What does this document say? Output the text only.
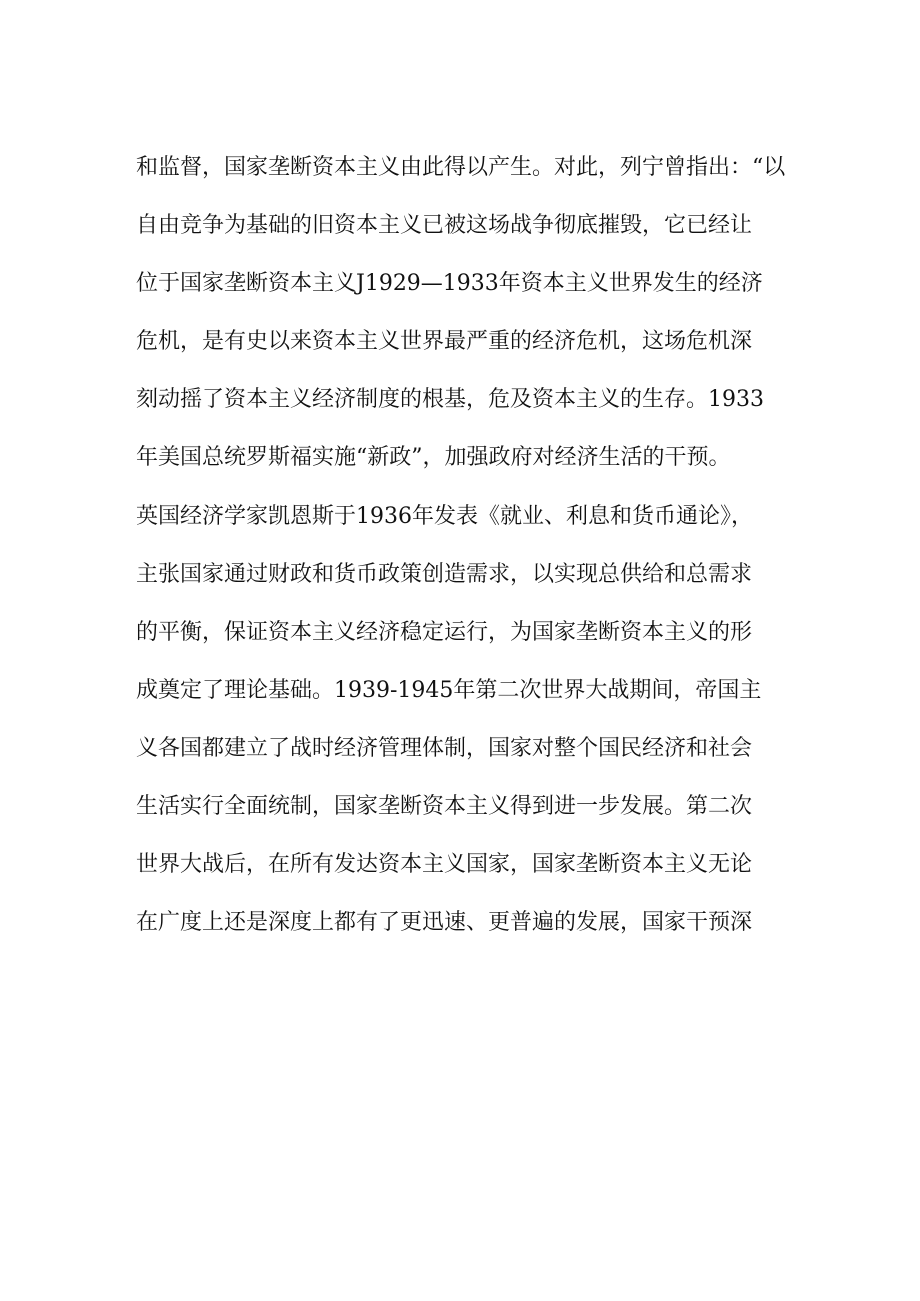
和监督，国家垄断资本主义由此得以产生。对此，列宁曾指出：“以
自由竞争为基础的旧资本主义已被这场战争彻底摧毁，它已经让
位于国家垄断资本主义J1929—1933年资本主义世界发生的经济
危机，是有史以来资本主义世界最严重的经济危机，这场危机深
刻动摇了资本主义经济制度的根基，危及资本主义的生存。1933
年美国总统罗斯福实施“新政”，加强政府对经济生活的干预。
英国经济学家凯恩斯于1936年发表《就业、利息和货币通论》，
主张国家通过财政和货币政策创造需求，以实现总供给和总需求
的平衡，保证资本主义经济稳定运行，为国家垄断资本主义的形
成奠定了理论基础。1939-1945年第二次世界大战期间，帝国主
义各国都建立了战时经济管理体制，国家对整个国民经济和社会
生活实行全面统制，国家垄断资本主义得到进一步发展。第二次
世界大战后，在所有发达资本主义国家，国家垄断资本主义无论
在广度上还是深度上都有了更迅速、更普遍的发展，国家干预深
